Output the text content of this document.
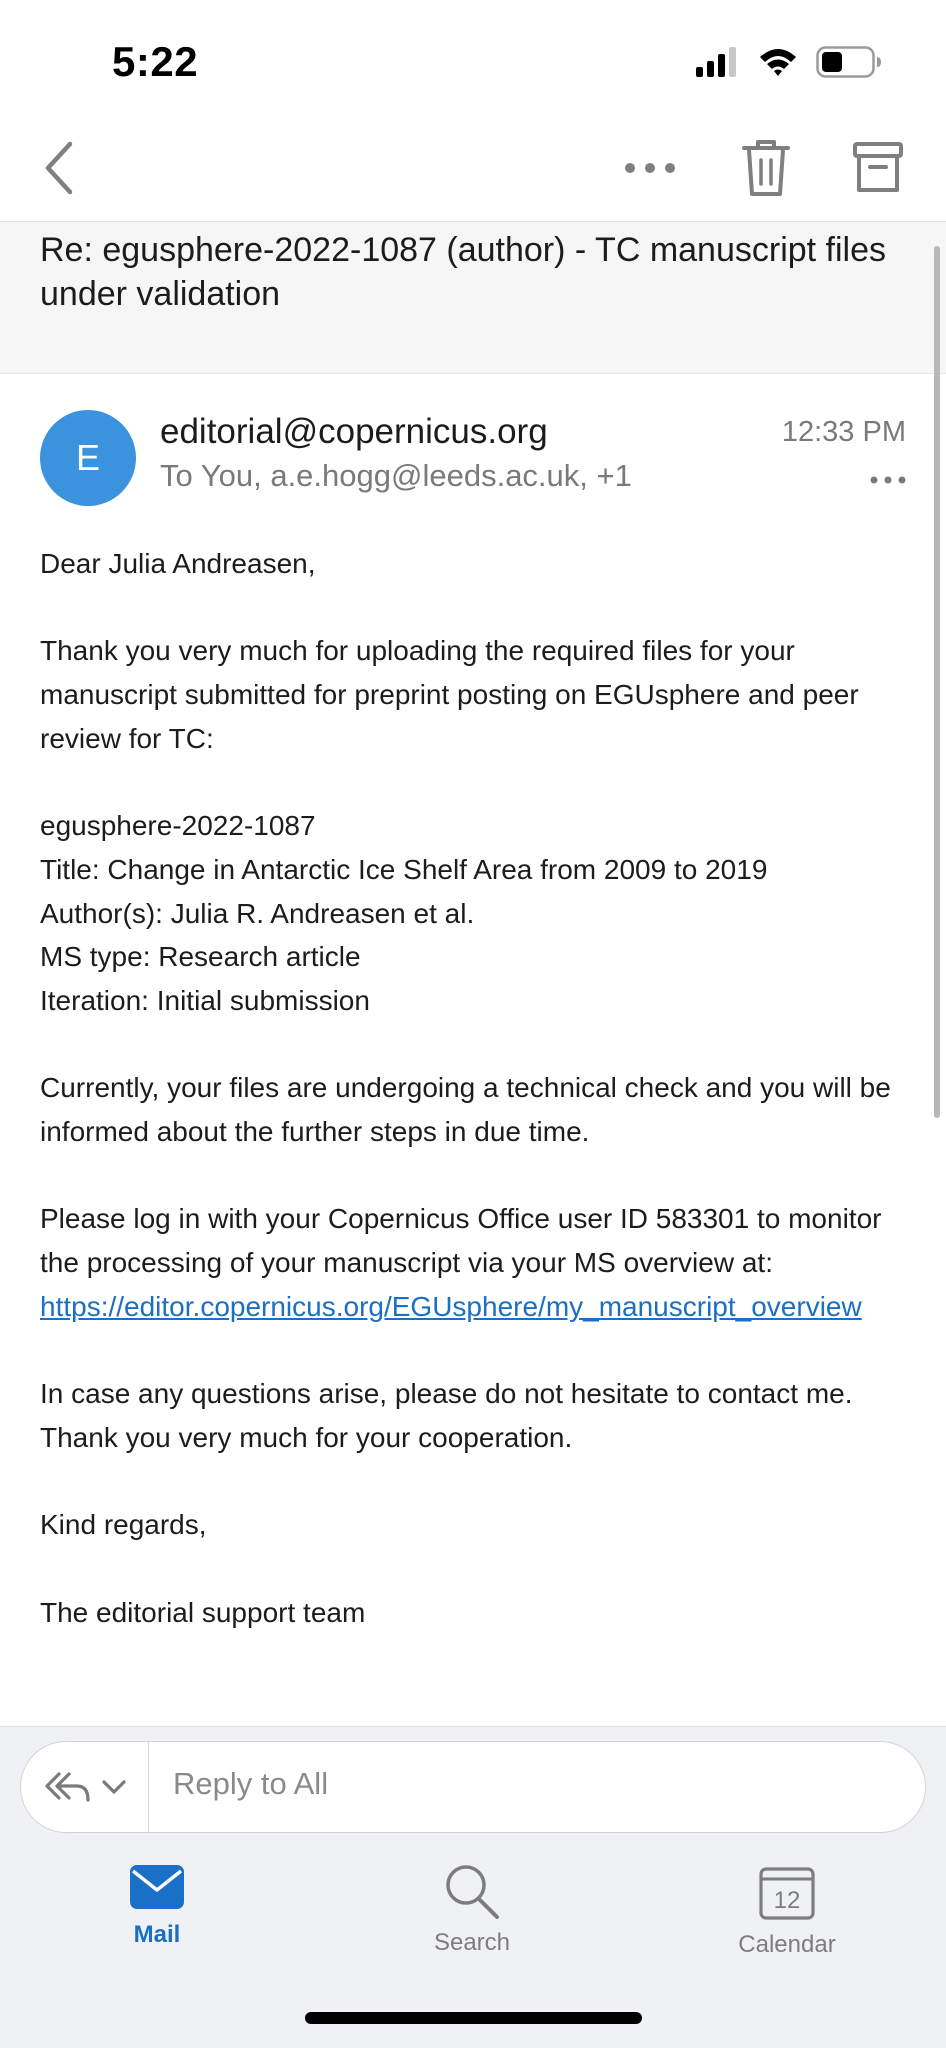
5:22
Re: egusphere-2022-1087 (author) - TC manuscript files under validation
E
editorial@copernicus.org
To You, a.e.hogg@leeds.ac.uk, +1
12:33 PM

Dear Julia Andreasen,

Thank you very much for uploading the required files for your manuscript submitted for preprint posting on EGUsphere and peer review for TC:

egusphere-2022-1087

Title: Change in Antarctic Ice Shelf Area from 2009 to 2019

Author(s): Julia R. Andreasen et al.

MS type: Research article

Iteration: Initial submission

Currently, your files are undergoing a technical check and you will be informed about the further steps in due time.

Please log in with your Copernicus Office user ID 583301 to monitor the processing of your manuscript via your MS overview at:

https://editor.copernicus.org/EGUsphere/my_manuscript_overview

In case any questions arise, please do not hesitate to contact me. Thank you very much for your cooperation.

Kind regards,

The editorial support team

Reply to All
Mail	Search
12
Calendar
